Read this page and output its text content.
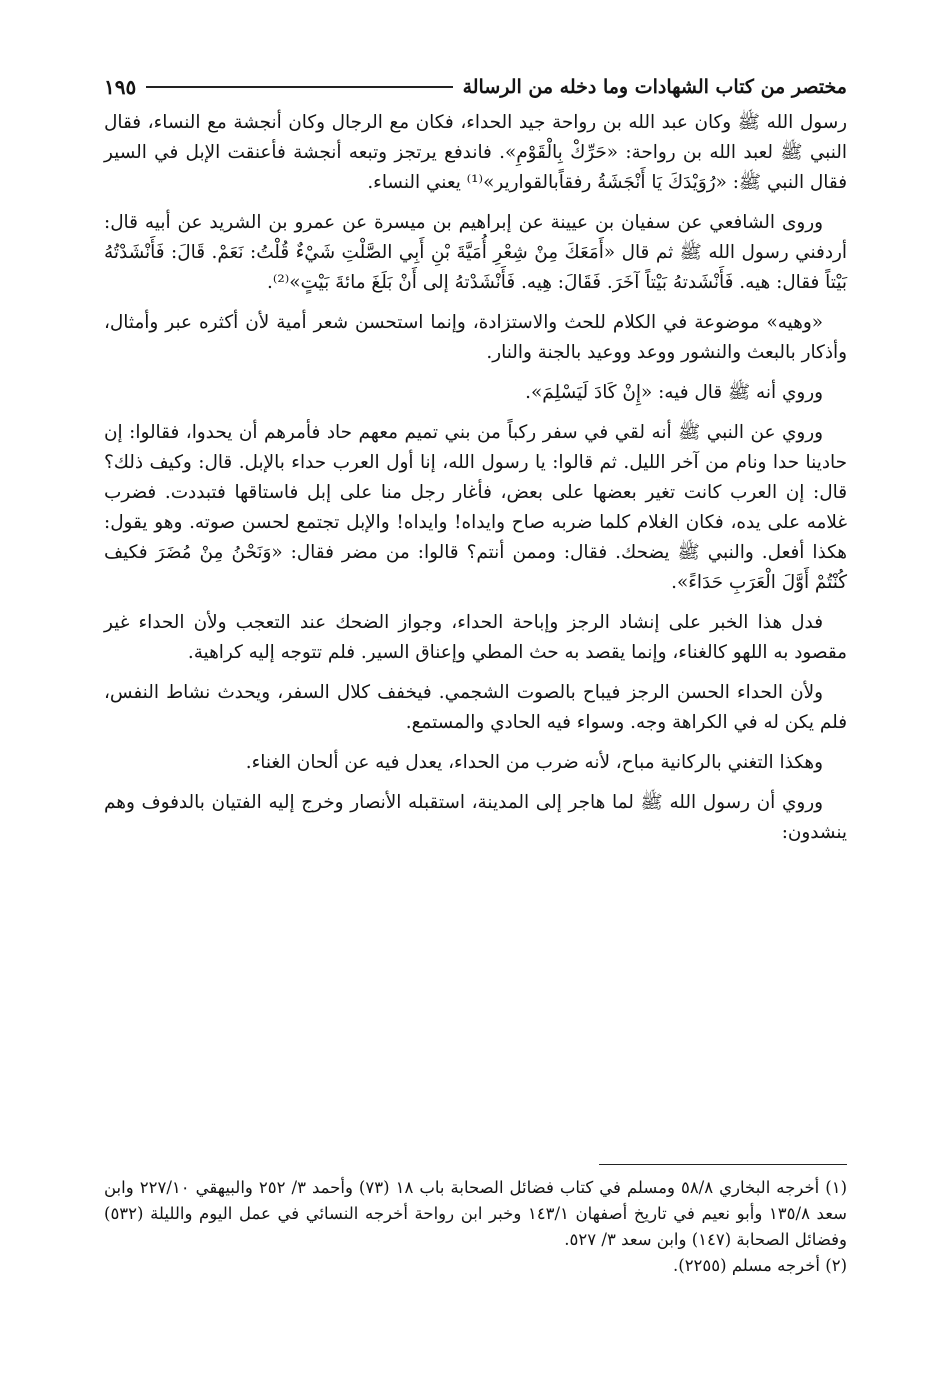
مختصر من كتاب الشهادات وما دخله من الرسالة
١٩٥

رسول الله ﷺ وكان عبد الله بن رواحة جيد الحداء، فكان مع الرجال وكان أنجشة مع النساء، فقال النبي ﷺ لعبد الله بن رواحة: «حَرِّكْ بِالْقَوْمِ». فاندفع يرتجز وتبعه أنجشة فأعنقت الإبل في السير فقال النبي ﷺ: «رُوَيْدَكَ يَا أَنْجَشَةُ رفقاًبالقوارير»⁽¹⁾ يعني النساء.

وروى الشافعي عن سفيان بن عيينة عن إبراهيم بن ميسرة عن عمرو بن الشريد عن أبيه قال: أردفني رسول الله ﷺ ثم قال «أَمَعَكَ مِنْ شِعْرِ أُمَيَّةَ بْنِ أَبِي الصَّلْتِ شَيْءٌ قُلْتُ: نَعَمْ. قَالَ: فَأَنْشَدْتُهُ بَيْتاً فقال: هيه. فَأَنْشَدتهُ بَيْتاً آخَرَ. فَقَالَ: هِيه. فَأَنْشَدْتهُ إلى أَنْ بَلَغَ مائةَ بَيْتٍ»⁽²⁾.

«وهيه» موضوعة في الكلام للحث والاستزادة، وإنما استحسن شعر أمية لأن أكثره عبر وأمثال، وأذكار بالبعث والنشور ووعد ووعيد بالجنة والنار.

وروي أنه ﷺ قال فيه: «إِنْ كَادَ لَيَسْلِمَ».

وروي عن النبي ﷺ أنه لقي في سفر ركباً من بني تميم معهم حاد فأمرهم أن يحدوا، فقالوا: إن حادينا حدا ونام من آخر الليل. ثم قالوا: يا رسول الله، إنا أول العرب حداء بالإبل. قال: وكيف ذلك؟ قال: إن العرب كانت تغير بعضها على بعض، فأغار رجل منا على إبل فاستاقها فتبددت. فضرب غلامه على يده، فكان الغلام كلما ضربه صاح وايداه! وايداه! والإبل تجتمع لحسن صوته. وهو يقول: هكذا أفعل. والنبي ﷺ يضحك. فقال: وممن أنتم؟ قالوا: من مضر فقال: «وَنَحْنُ مِنْ مُضَرَ فكيف كُنْتُمْ أَوَّلَ الْعَرَبِ حَدَاءً».

فدل هذا الخبر على إنشاد الرجز وإباحة الحداء، وجواز الضحك عند التعجب ولأن الحداء غير مقصود به اللهو كالغناء، وإنما يقصد به حث المطي وإعناق السير. فلم تتوجه إليه كراهية.

ولأن الحداء الحسن الرجز فيباح بالصوت الشجمي. فيخفف كلال السفر، ويحدث نشاط النفس، فلم يكن له في الكراهة وجه. وسواء فيه الحادي والمستمع.

وهكذا التغني بالركانية مباح، لأنه ضرب من الحداء، يعدل فيه عن ألحان الغناء.

وروي أن رسول الله ﷺ لما هاجر إلى المدينة، استقبله الأنصار وخرج إليه الفتيان بالدفوف وهم ينشدون:

(١) أخرجه البخاري ٥٨/٨ ومسلم في كتاب فضائل الصحابة باب ١٨ (٧٣) وأحمد ٣/ ٢٥٢ والبيهقي ٢٢٧/١٠ وابن سعد ١٣٥/٨ وأبو نعيم في تاريخ أصفهان ١٤٣/١ وخبر ابن رواحة أخرجه النسائي في عمل اليوم والليلة (٥٣٢) وفضائل الصحابة (١٤٧) وابن سعد ٣/ ٥٢٧.

(٢) أخرجه مسلم (٢٢٥٥).
